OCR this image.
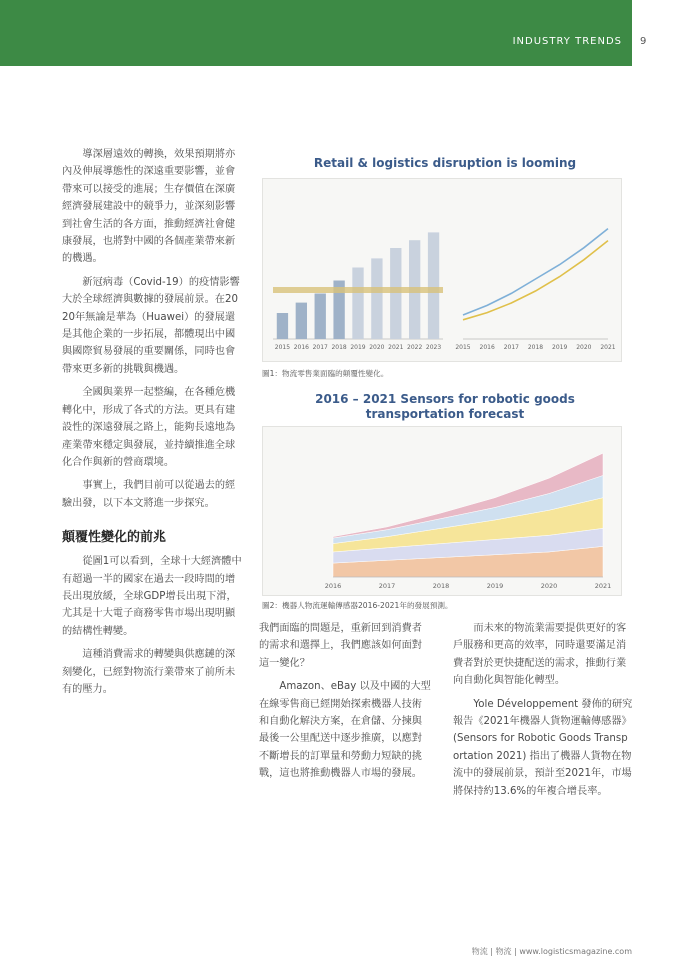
INDUSTRY TRENDS 9

導深層遠效的轉換，效果預期將亦內及伸展導態性的深遠重要影響，並會帶來可以接受的進展；生存價值在深廣經濟發展建設中的競爭力，並深刻影響到社會生活的各方面，推動經濟社會健康發展，也將對中國的各個產業帶來新的機遇。

新冠病毒（Covid-19）的疫情影響大於全球經濟與數據的發展前景。在2020年無論是華為（Huawei）的發展還是其他企業的一步拓展，都體現出中國與國際貿易發展的重要關係，同時也會帶來更多新的挑戰與機遇。

全國與業界一起整編，在各種危機轉化中，形成了各式的方法。更具有建設性的深遠發展之路上，能夠長遠地為產業帶來穩定與發展，並持續推進全球化合作與新的營商環境。

事實上，我們目前可以從過去的經驗出發，以下本文將進一步探究。

顛覆性變化的前兆

從圖1可以看到，全球十大經濟體中有超過一半的國家在過去一段時間的增長出現放緩，全球GDP增長出現下滑，尤其是十大電子商務零售市場出現明顯的結構性轉變。

這種消費需求的轉變與供應鏈的深刻變化，已經對物流行業帶來了前所未有的壓力。

Retail & logistics disruption is looming
2015 2016 2017 2018 2019 2020 2021 2022 2023 2015 2016 2017 2018 2019 2020 2021
圖1：物流零售業面臨的顛覆性變化。
2016 – 2021 Sensors for robotic goods
transportation forecast
2016	2017	2018	2019	2020	2021
圖2：機器人物流運輸傳感器2016-2021年的發展預測。

我們面臨的問題是，重新回到消費者的需求和選擇上，我們應該如何面對這一變化？

Amazon、eBay 以及中國的大型在線零售商已經開始探索機器人技術和自動化解決方案，在倉儲、分揀與最後一公里配送中逐步推廣，以應對不斷增長的訂單量和勞動力短缺的挑戰，這也將推動機器人市場的發展。

而未來的物流業需要提供更好的客戶服務和更高的效率，同時還要滿足消費者對於更快捷配送的需求，推動行業向自動化與智能化轉型。

Yole Développement 發佈的研究報告《2021年機器人貨物運輸傳感器》(Sensors for Robotic Goods Transportation 2021) 指出了機器人貨物在物流中的發展前景，預計至2021年，市場將保持約13.6%的年複合增長率。

物流 | 物流 | www.logisticsmagazine.com
